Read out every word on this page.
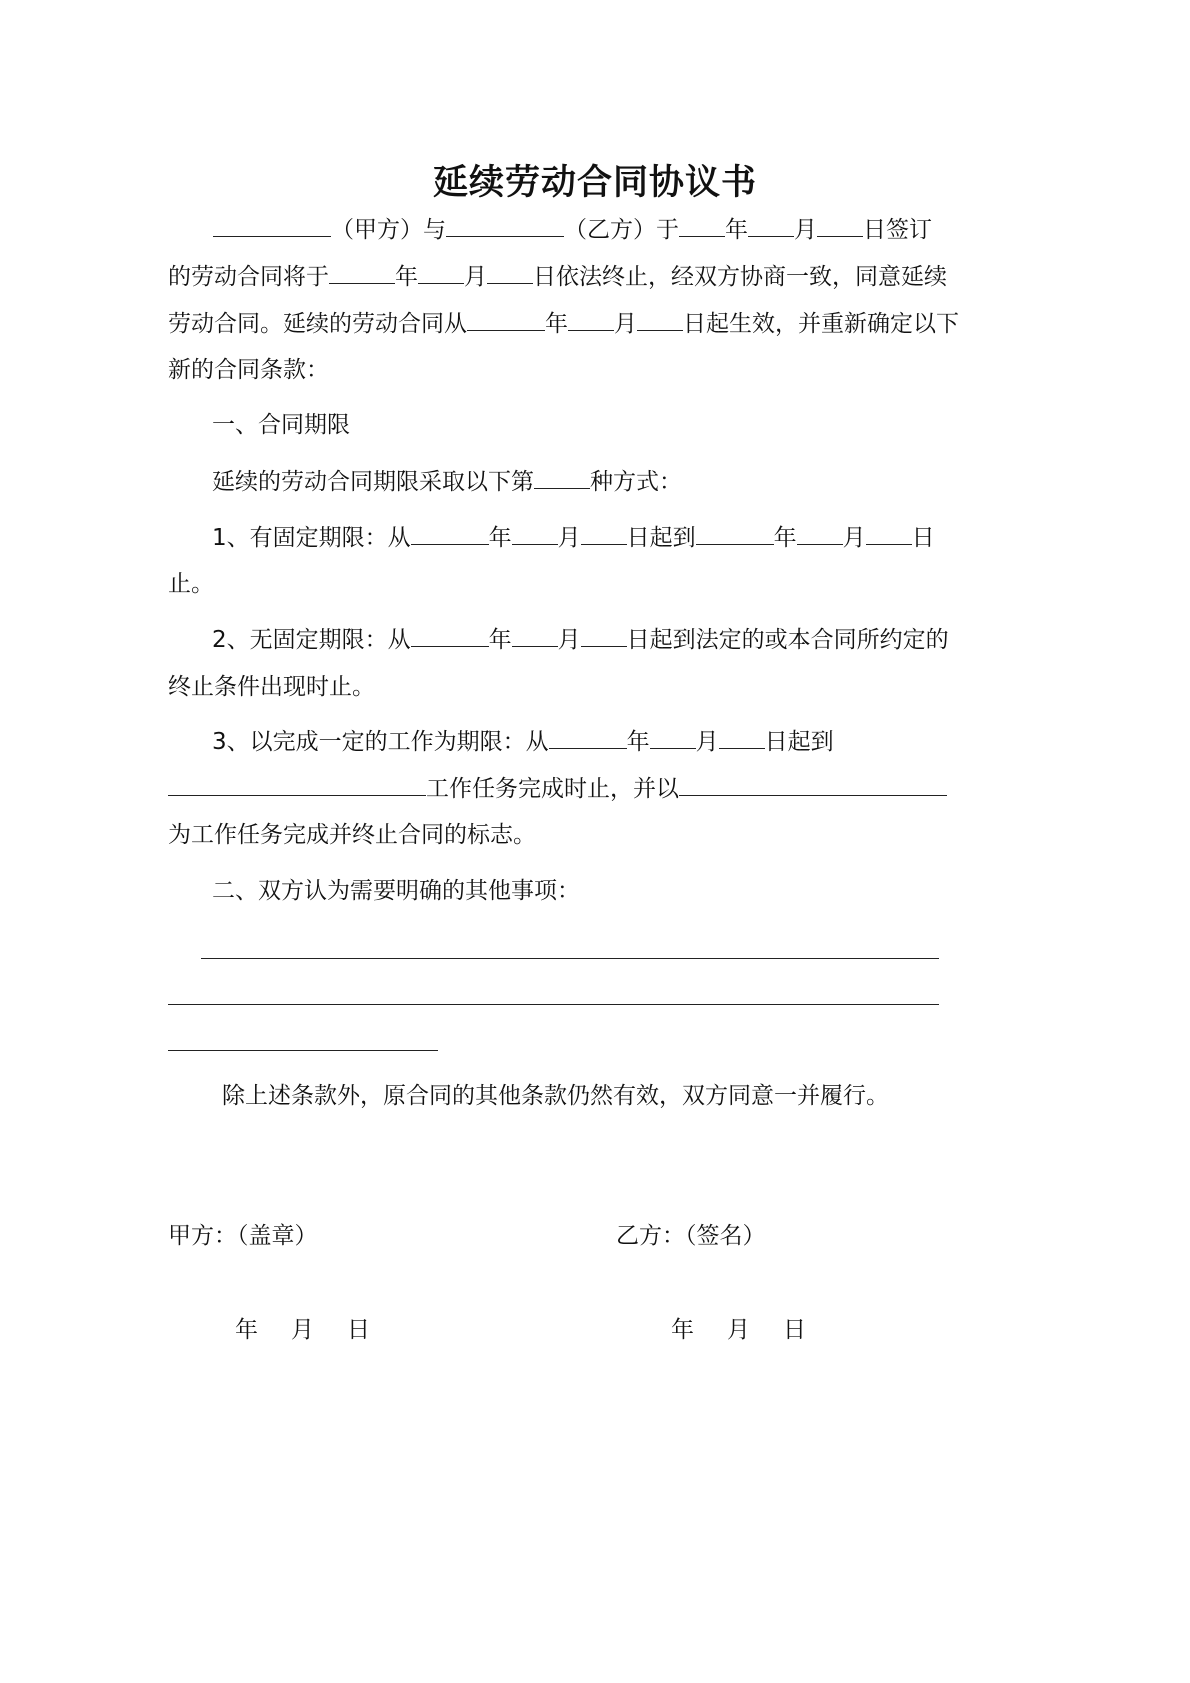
延续劳动合同协议书
（甲方）与	（乙方）于 年 月 日签订
的劳动合同将于	年 月 日依法终止，经双方协商一致，同意延续
劳动合同。延续的劳动合同从	年 月 日起生效，并重新确定以下
新的合同条款：
一、合同期限
延续的劳动合同期限采取以下第 种方式：
1、有固定期限：从	年 月 日起到	年 月 日
止。
2、无固定期限：从	年 月 日起到法定的或本合同所约定的
终止条件出现时止。
3、以完成一定的工作为期限：从	年 月 日起到
工作任务完成时止，并以
为工作任务完成并终止合同的标志。
二、双方认为需要明确的其他事项：
除上述条款外，原合同的其他条款仍然有效，双方同意一并履行。
甲方：（盖章）	乙方：（签名）
年 月 日	年 月 日
